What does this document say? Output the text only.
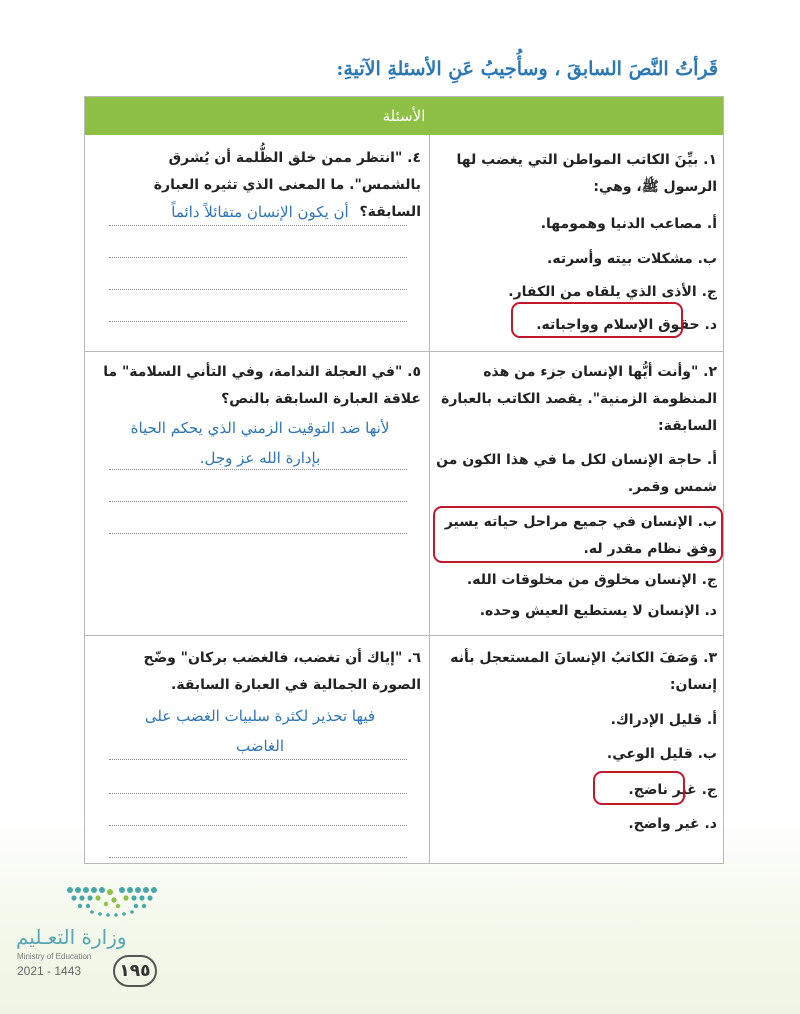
قَرأتُ النَّصَ السابقَ ، وسأُجيبُ عَنِ الأسئلةِ الآتيةِ:
الأسئلة

١. بيِّنَ الكاتب المواطن التي يغضب لها الرسول ﷺ، وهي:

أ. مصاعب الدنيا وهمومها.

ب. مشكلات بيته وأسرته.

ج. الأذى الذي يلقاه من الكفار.

د. حقوق الإسلام وواجباته.

٤. "انتظر ممن خلق الظُّلمة أن يُشرق بالشمس". ما المعنى الذي تثيره العبارة السابقة؟

أن يكون الإنسان متفائلاً دائماً

٢. "وأنت أيُّها الإنسان جزء من هذه المنظومة الزمنية". يقصد الكاتب بالعبارة السابقة:

أ. حاجة الإنسان لكل ما في هذا الكون من شمس وقمر.

ب. الإنسان في جميع مراحل حياته يسير وفق نظام مقدر له.

ج. الإنسان مخلوق من مخلوقات الله.

د. الإنسان لا يستطيع العيش وحده.

٥. "في العجلة الندامة، وفي التأني السلامة" ما علاقة العبارة السابقة بالنص؟

لأنها ضد التوقيت الزمني الذي يحكم الحياة
بإدارة الله عز وجل.

٣. وَصَفَ الكاتبُ الإنسانَ المستعجل بأنه إنسان:

أ. قليل الإدراك.

ب. قليل الوعي.

ج. غير ناضج.

د. غير واضح.

٦. "إياك أن تغضب، فالغضب بركان" وضّح الصورة الجمالية في العبارة السابقة.

فيها تحذير لكثرة سلبيات الغضب على
الغاضب
وزارة التعـليم
Ministry of Education
2021 - 1443	١٩٥
